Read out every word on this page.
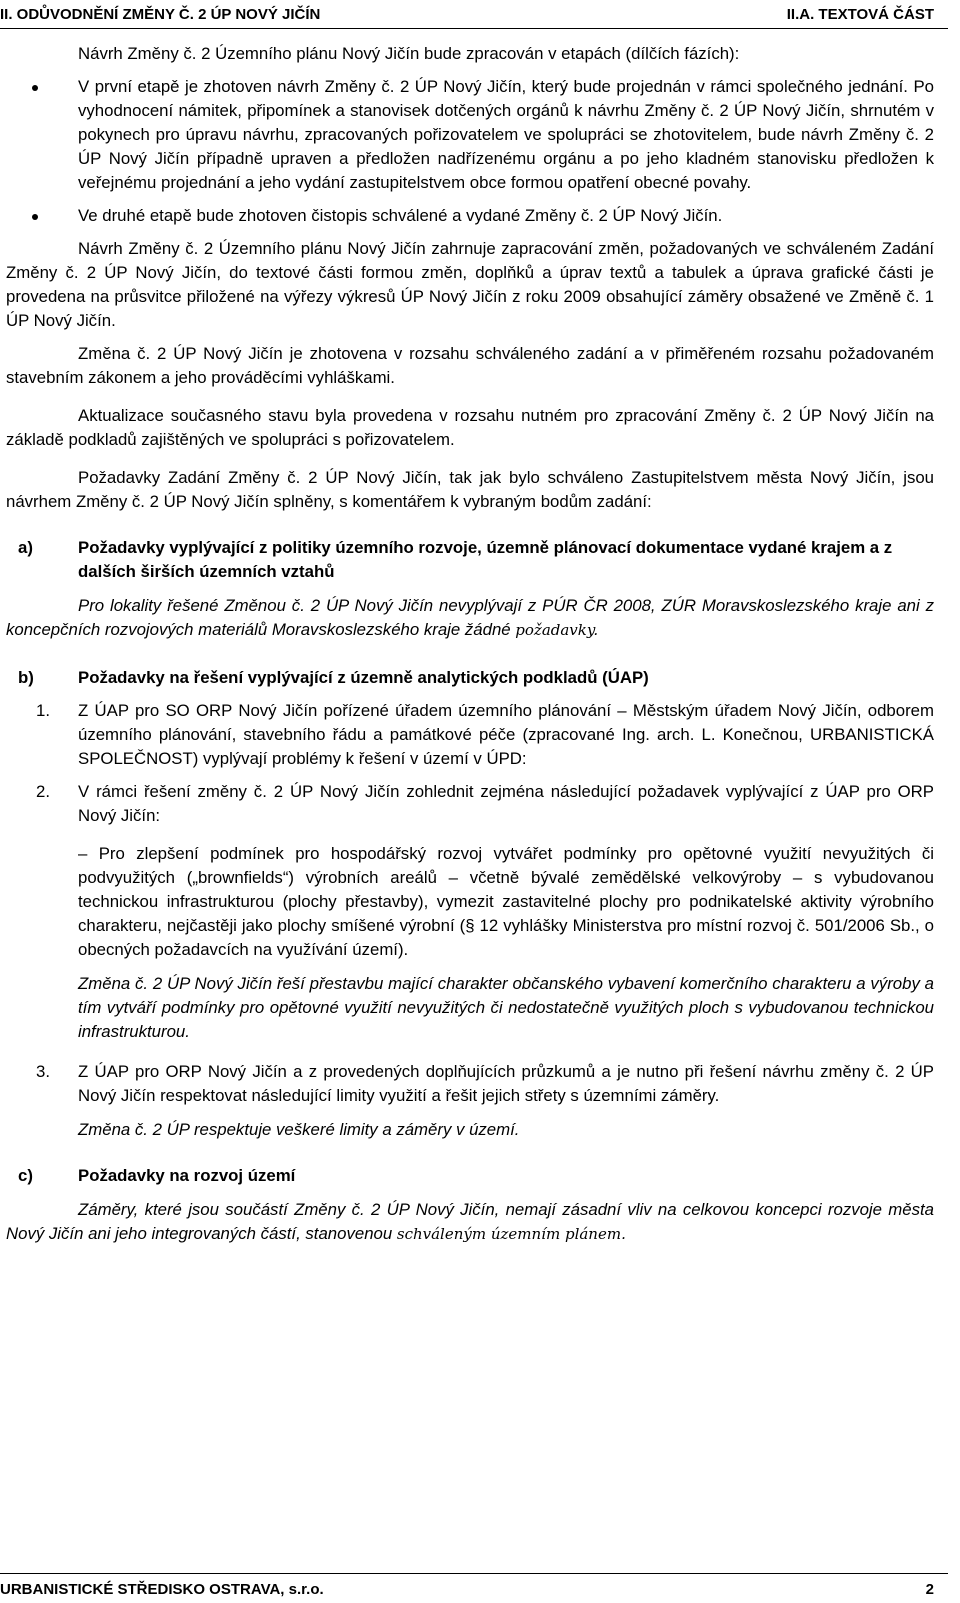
II. ODŮVODNĚNÍ ZMĚNY Č. 2 ÚP NOVÝ JIČÍN	II.A. TEXTOVÁ ČÁST

Návrh Změny č. 2 Územního plánu Nový Jičín bude zpracován v etapách (dílčích fázích):

V první etapě je zhotoven návrh Změny č. 2 ÚP Nový Jičín, který bude projednán v rámci společného jednání. Po vyhodnocení námitek, připomínek a stanovisek dotčených orgánů k návrhu Změny č. 2 ÚP Nový Jičín, shrnutém v pokynech pro úpravu návrhu, zpracovaných pořizovatelem ve spolupráci se zhotovitelem, bude návrh Změny č. 2 ÚP Nový Jičín případně upraven a předložen nadřízenému orgánu a po jeho kladném stanovisku předložen k veřejnému projednání a jeho vydání zastupitelstvem obce formou opatření obecné povahy.
Ve druhé etapě bude zhotoven čistopis schválené a vydané Změny č. 2 ÚP Nový Jičín.

Návrh Změny č. 2 Územního plánu Nový Jičín zahrnuje zapracování změn, požadovaných ve schváleném Zadání Změny č. 2 ÚP Nový Jičín, do textové části formou změn, doplňků a úprav textů a tabulek a úprava grafické části je provedena na průsvitce přiložené na výřezy výkresů ÚP Nový Jičín z roku 2009 obsahující záměry obsažené ve Změně č. 1 ÚP Nový Jičín.

Změna č. 2 ÚP Nový Jičín je zhotovena v rozsahu schváleného zadání a v přiměřeném rozsahu požadovaném stavebním zákonem a jeho prováděcími vyhláškami.

Aktualizace současného stavu byla provedena v rozsahu nutném pro zpracování Změny č. 2 ÚP Nový Jičín na základě podkladů zajištěných ve spolupráci s pořizovatelem.

Požadavky Zadání Změny č. 2 ÚP Nový Jičín, tak jak bylo schváleno Zastupitelstvem města Nový Jičín, jsou návrhem Změny č. 2 ÚP Nový Jičín splněny, s komentářem k vybraným bodům zadání:

a)	Požadavky vyplývající z politiky územního rozvoje, územně plánovací dokumentace vydané krajem a z dalších širších územních vztahů

Pro lokality řešené Změnou č. 2 ÚP Nový Jičín nevyplývají z PÚR ČR 2008, ZÚR Moravskoslezského kraje ani z koncepčních rozvojových materiálů Moravskoslezského kraje žádné požadavky.

b)	Požadavky na řešení vyplývající z územně analytických podkladů (ÚAP)
1. Z ÚAP pro SO ORP Nový Jičín pořízené úřadem územního plánování – Městským úřadem Nový Jičín, odborem územního plánování, stavebního řádu a památkové péče (zpracované Ing. arch. L. Konečnou, URBANISTICKÁ SPOLEČNOST) vyplývají problémy k řešení v území v ÚPD:
2. V rámci řešení změny č. 2 ÚP Nový Jičín zohlednit zejména následující požadavek vyplývající z ÚAP pro ORP Nový Jičín:

– Pro zlepšení podmínek pro hospodářský rozvoj vytvářet podmínky pro opětovné využití nevyužitých či podvyužitých („brownfields“) výrobních areálů – včetně bývalé zemědělské velkovýroby – s vybudovanou technickou infrastrukturou (plochy přestavby), vymezit zastavitelné plochy pro podnikatelské aktivity výrobního charakteru, nejčastěji jako plochy smíšené výrobní (§ 12 vyhlášky Ministerstva pro místní rozvoj č. 501/2006 Sb., o obecných požadavcích na využívání území).

Změna č. 2 ÚP Nový Jičín řeší přestavbu mající charakter občanského vybavení komerčního charakteru a výroby a tím vytváří podmínky pro opětovné využití nevyužitých či nedostatečně využitých ploch s vybudovanou technickou infrastrukturou.

3. Z ÚAP pro ORP Nový Jičín a z provedených doplňujících průzkumů a je nutno při řešení návrhu změny č. 2 ÚP Nový Jičín respektovat následující limity využití a řešit jejich střety s územními záměry.

Změna č. 2 ÚP respektuje veškeré limity a záměry v území.

c)	Požadavky na rozvoj území

Záměry, které jsou součástí Změny č. 2 ÚP Nový Jičín, nemají zásadní vliv na celkovou koncepci rozvoje města Nový Jičín ani jeho integrovaných částí, stanovenou schváleným územním plánem.

URBANISTICKÉ STŘEDISKO OSTRAVA, s.r.o.	2
